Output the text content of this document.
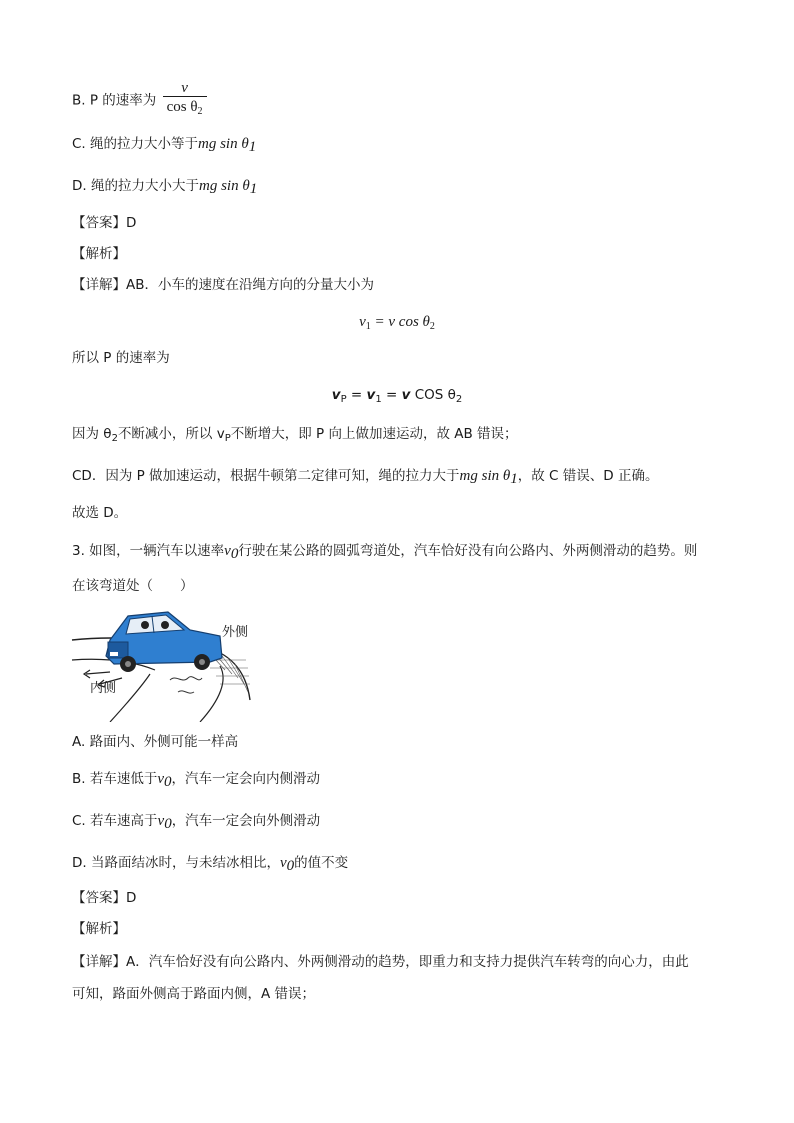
B. P 的速率为 $\frac{v}{\cos \theta_2}$
C. 绳的拉力大小等于mg $\sin \theta_1$
D. 绳的拉力大小大于mg $\sin \theta_1$
【答案】D
【解析】
【详解】AB．小车的速度在沿绳方向的分量大小为
$v_1 = v$ $\cos \theta_2$
所以 P 的速率为
$v_P = v_1 = v$ COS $\theta_2$
因为 $\theta_2$不断减小，所以 $v_P$不断增大，即 P 向上做加速运动，故 AB 错误；
CD．因为 P 做加速运动，根据牛顿第二定律可知，绳的拉力大于mg $\sin \theta_1$，故 C 错误、D 正确。
故选 D。
3. 如图，一辆汽车以速率$v_0$行驶在某公路的圆弧弯道处，汽车恰好没有向公路内、外两侧滑动的趋势。则
在该弯道处（　　）
外侧
内侧
A. 路面内、外侧可能一样高
B. 若车速低于$v_0$，汽车一定会向内侧滑动
C. 若车速高于$v_0$，汽车一定会向外侧滑动
D. 当路面结冰时，与未结冰相比，$v_0$的值不变
【答案】D
【解析】
【详解】A．汽车恰好没有向公路内、外两侧滑动的趋势，即重力和支持力提供汽车转弯的向心力，由此
可知，路面外侧高于路面内侧，A 错误；
